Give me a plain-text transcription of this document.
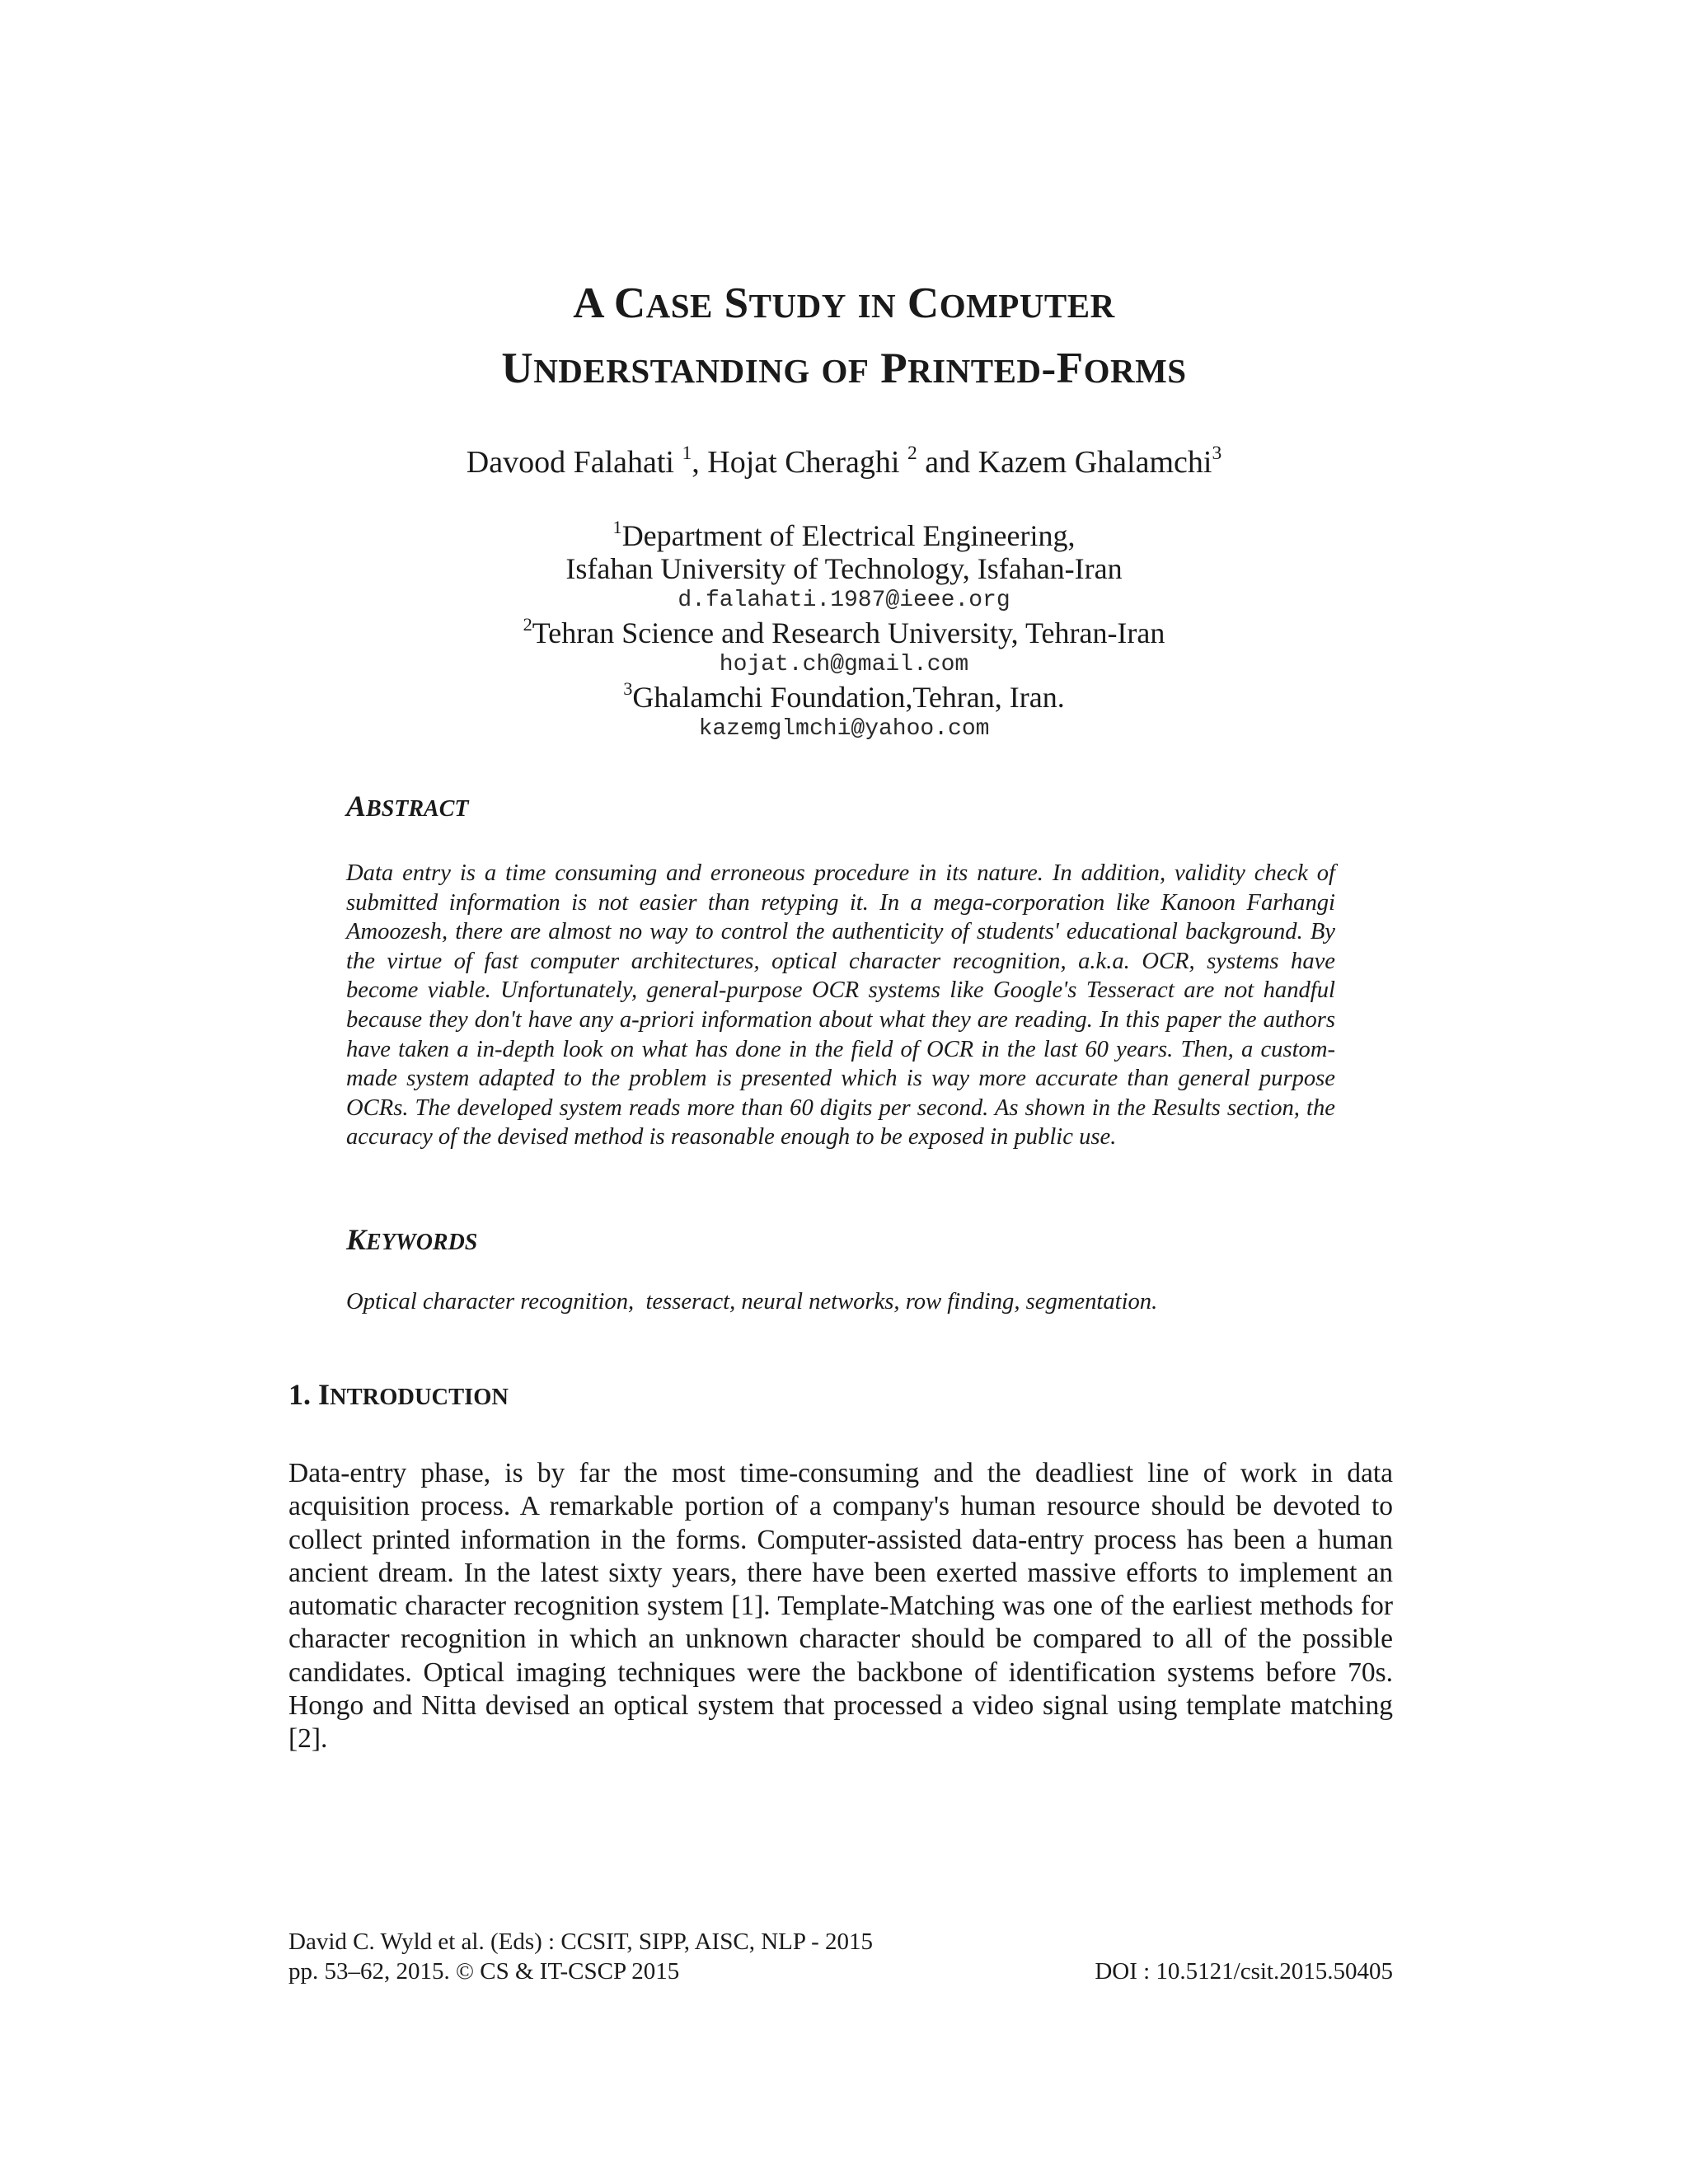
A CASE STUDY IN COMPUTER
UNDERSTANDING OF PRINTED-FORMS
Davood Falahati $^1$, Hojat Cheraghi $^2$ and Kazem Ghalamchi$^3$
$^1$Department of Electrical Engineering,
Isfahan University of Technology, Isfahan-Iran
d.falahati.1987@ieee.org
$^2$Tehran Science and Research University, Tehran-Iran
hojat.ch@gmail.com
$^3$Ghalamchi Foundation,Tehran, Iran.
kazemglmchi@yahoo.com
ABSTRACT
Data entry is a time consuming and erroneous procedure in its nature. In addition, validity check of submitted information is not easier than retyping it. In a mega-corporation like Kanoon Farhangi Amoozesh, there are almost no way to control the authenticity of students' educational background. By the virtue of fast computer architectures, optical character recognition, a.k.a. OCR, systems have become viable. Unfortunately, general-purpose OCR systems like Google's Tesseract are not handful because they don't have any a-priori information about what they are reading. In this paper the authors have taken a in-depth look on what has done in the field of OCR in the last 60 years. Then, a custom-made system adapted to the problem is presented which is way more accurate than general purpose OCRs. The developed system reads more than 60 digits per second. As shown in the Results section, the accuracy of the devised method is reasonable enough to be exposed in public use.
KEYWORDS
Optical character recognition,  tesseract, neural networks, row finding, segmentation.
1. INTRODUCTION
Data-entry phase, is by far the most time-consuming and the deadliest line of work in data acquisition process. A remarkable portion of a company's human resource should be devoted to collect printed information in the forms. Computer-assisted data-entry process has been a human ancient dream. In the latest sixty years, there have been exerted massive efforts to implement an automatic character recognition system [1]. Template-Matching was one of the earliest methods for character recognition in which an unknown character should be compared to all of the possible candidates. Optical imaging techniques were the backbone of identification systems before 70s. Hongo and Nitta devised an optical system that processed a video signal using template matching [2].
David C. Wyld et al. (Eds) : CCSIT, SIPP, AISC, NLP - 2015
pp. 53–62, 2015. © CS & IT-CSCP 2015	DOI : 10.5121/csit.2015.50405
